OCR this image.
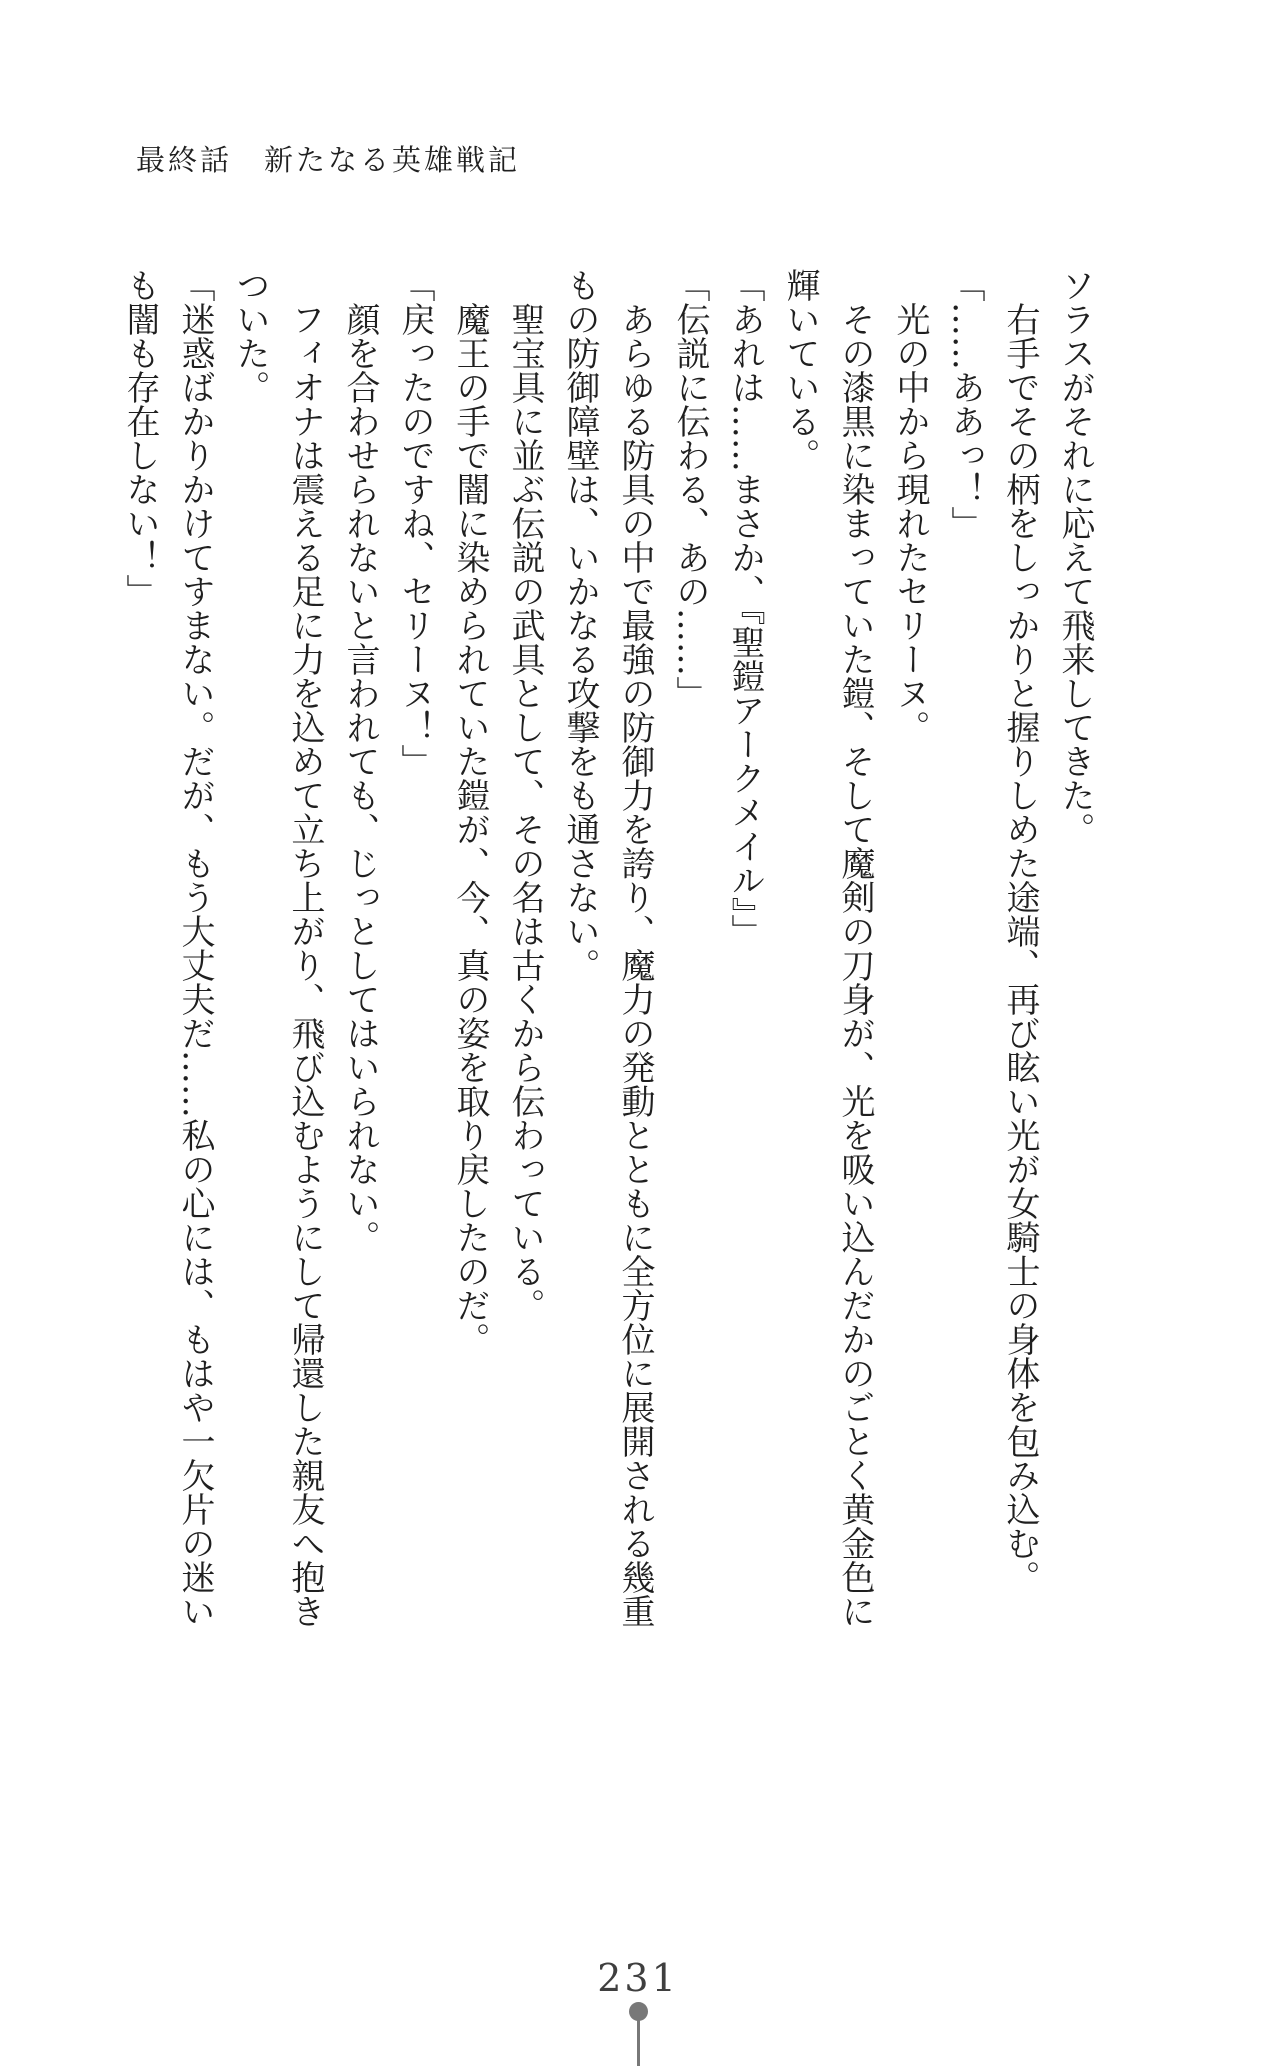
最終話　新たなる英雄戦記
ソラスがそれに応えて飛来してきた。
右手でその柄をしっかりと握りしめた途端、再び眩い光が女騎士の身体を包み込む。
「……ああっ！」
光の中から現れたセリーヌ。
その漆黒に染まっていた鎧、そして魔剣の刀身が、光を吸い込んだかのごとく黄金色に
輝いている。
「あれは……まさか、『聖鎧アークメイル』」
「伝説に伝わる、あの……」
あらゆる防具の中で最強の防御力を誇り、魔力の発動とともに全方位に展開される幾重
もの防御障壁は、いかなる攻撃をも通さない。
聖宝具に並ぶ伝説の武具として、その名は古くから伝わっている。
魔王の手で闇に染められていた鎧が、今、真の姿を取り戻したのだ。
「戻ったのですね、セリーヌ！」
顔を合わせられないと言われても、じっとしてはいられない。
フィオナは震える足に力を込めて立ち上がり、飛び込むようにして帰還した親友へ抱き
ついた。
「迷惑ばかりかけてすまない。だが、もう大丈夫だ……私の心には、もはや一欠片の迷い
も闇も存在しない！」
231
